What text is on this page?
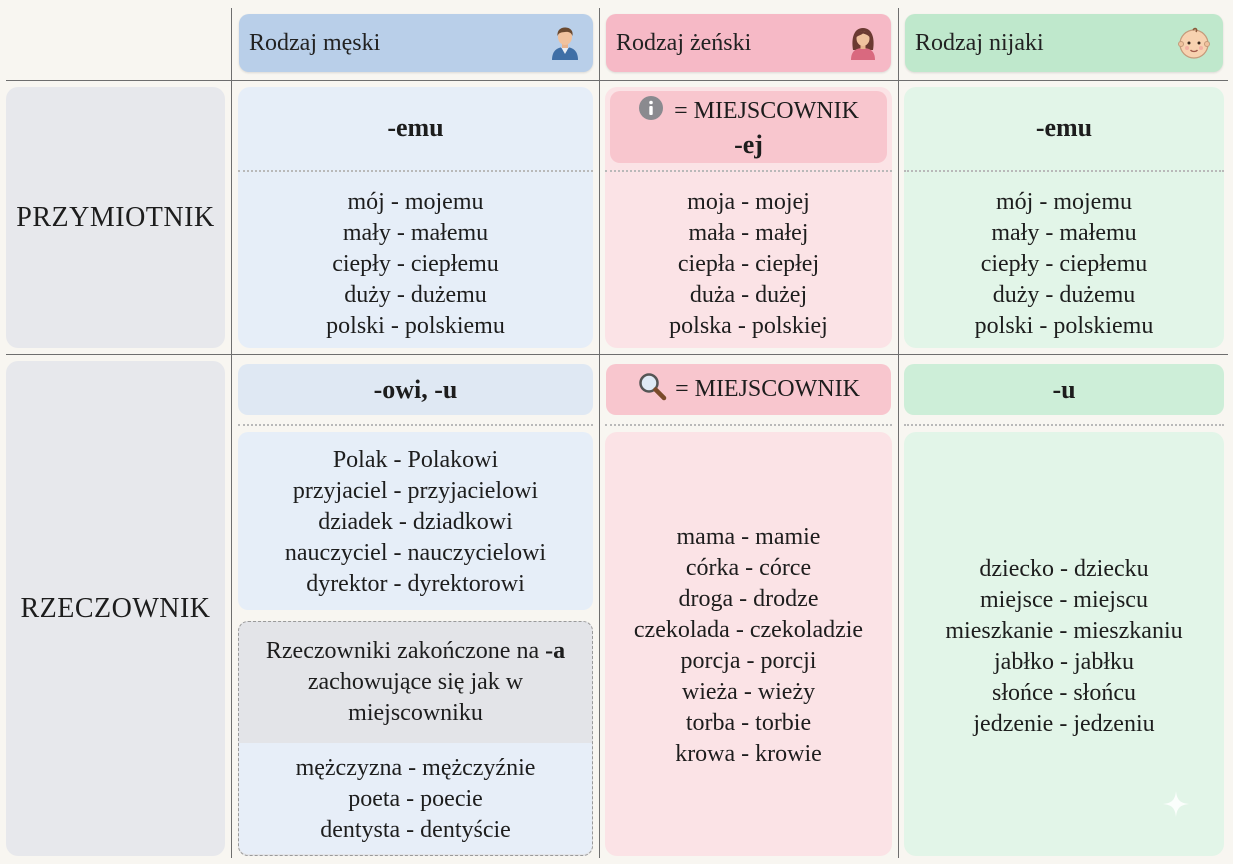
Rodzaj męski	Rodzaj żeński	Rodzaj nijaki
PRZYMIOTNIK
RZECZOWNIK
-emu
mój - mojemu
mały - małemu
ciepły - ciepłemu
duży - dużemu
polski - polskiemu
= MIEJSCOWNIK
-ej
moja - mojej
mała - małej
ciepła - ciepłej
duża - dużej
polska - polskiej
-emu
mój - mojemu
mały - małemu
ciepły - ciepłemu
duży - dużemu
polski - polskiemu
-owi, -u
Polak - Polakowi
przyjaciel - przyjacielowi
dziadek - dziadkowi
nauczyciel - nauczycielowi
dyrektor - dyrektorowi
Rzeczowniki zakończone na -a
zachowujące się jak w
miejscowniku
mężczyzna - mężczyźnie
poeta - poecie
dentysta - dentyście
= MIEJSCOWNIK
mama - mamie
córka - córce
droga - drodze
czekolada - czekoladzie
porcja - porcji
wieża - wieży
torba - torbie
krowa - krowie
-u
dziecko - dziecku
miejsce - miejscu
mieszkanie - mieszkaniu
jabłko - jabłku
słońce - słońcu
jedzenie - jedzeniu
